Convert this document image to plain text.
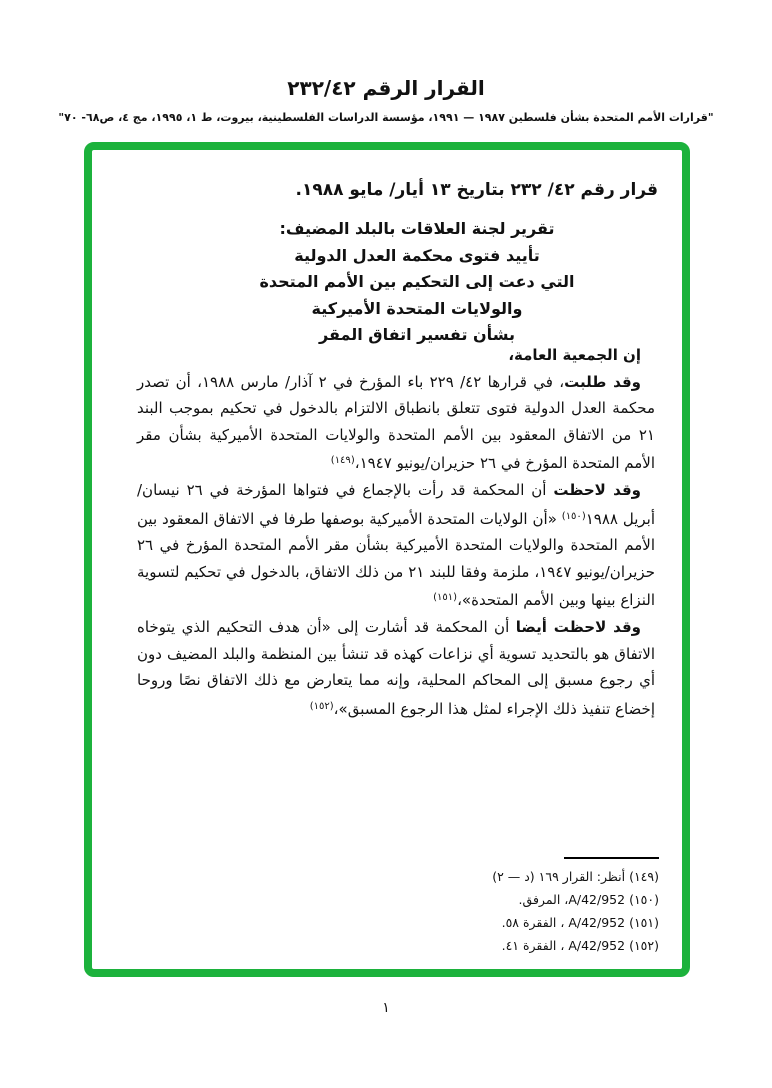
القرار الرقم ٢٣٢/٤٢
"قرارات الأمم المتحدة بشأن فلسطين ١٩٨٧ — ١٩٩١، مؤسسة الدراسات الفلسطينية، بيروت، ط ١، ١٩٩٥، مج ٤، ص٦٨- ٧٠"
قرار رقم ٤٢/ ٢٣٢ بتاريخ ١٣ أيار/ مايو ١٩٨٨.
تقرير لجنة العلاقات بالبلد المضيف:
تأييد فتوى محكمة العدل الدولية
التي دعت إلى التحكيم بين الأمم المتحدة
والولايات المتحدة الأميركية
بشأن تفسير اتفاق المقر

إن الجمعية العامة،

وقد طلبت، في قرارها ٤٢/ ٢٢٩ باء المؤرخ في ٢ آذار/ مارس ١٩٨٨، أن تصدر محكمة العدل الدولية فتوى تتعلق بانطباق الالتزام بالدخول في تحكيم بموجب البند ٢١ من الاتفاق المعقود بين الأمم المتحدة والولايات المتحدة الأميركية بشأن مقر الأمم المتحدة المؤرخ في ٢٦ حزيران/يونيو ١٩٤٧،$^{(١٤٩)}$

وقد لاحظت أن المحكمة قد رأت بالإجماع في فتواها المؤرخة في ٢٦ نيسان/ أبريل ١٩٨٨$^{(١٥٠)}$ «أن الولايات المتحدة الأميركية بوصفها طرفا في الاتفاق المعقود بين الأمم المتحدة والولايات المتحدة الأميركية بشأن مقر الأمم المتحدة المؤرخ في ٢٦ حزيران/يونيو ١٩٤٧، ملزمة وفقا للبند ٢١ من ذلك الاتفاق، بالدخول في تحكيم لتسوية النزاع بينها وبين الأمم المتحدة»،$^{(١٥١)}$

وقد لاحظت أيضا أن المحكمة قد أشارت إلى «أن هدف التحكيم الذي يتوخاه الاتفاق هو بالتحديد تسوية أي نزاعات كهذه قد تنشأ بين المنظمة والبلد المضيف دون أي رجوع مسبق إلى المحاكم المحلية، وإنه مما يتعارض مع ذلك الاتفاق نصًا وروحا إخضاع تنفيذ ذلك الإجراء لمثل هذا الرجوع المسبق»،$^{(١٥٢)}$

(١٤٩) أنظر: القرار ١٦٩ (د — ٢)
(١٥٠) A/42/952، المرفق.
(١٥١) A/42/952 ، الفقرة ٥٨.
(١٥٢) A/42/952 ، الفقرة ٤١.
١
